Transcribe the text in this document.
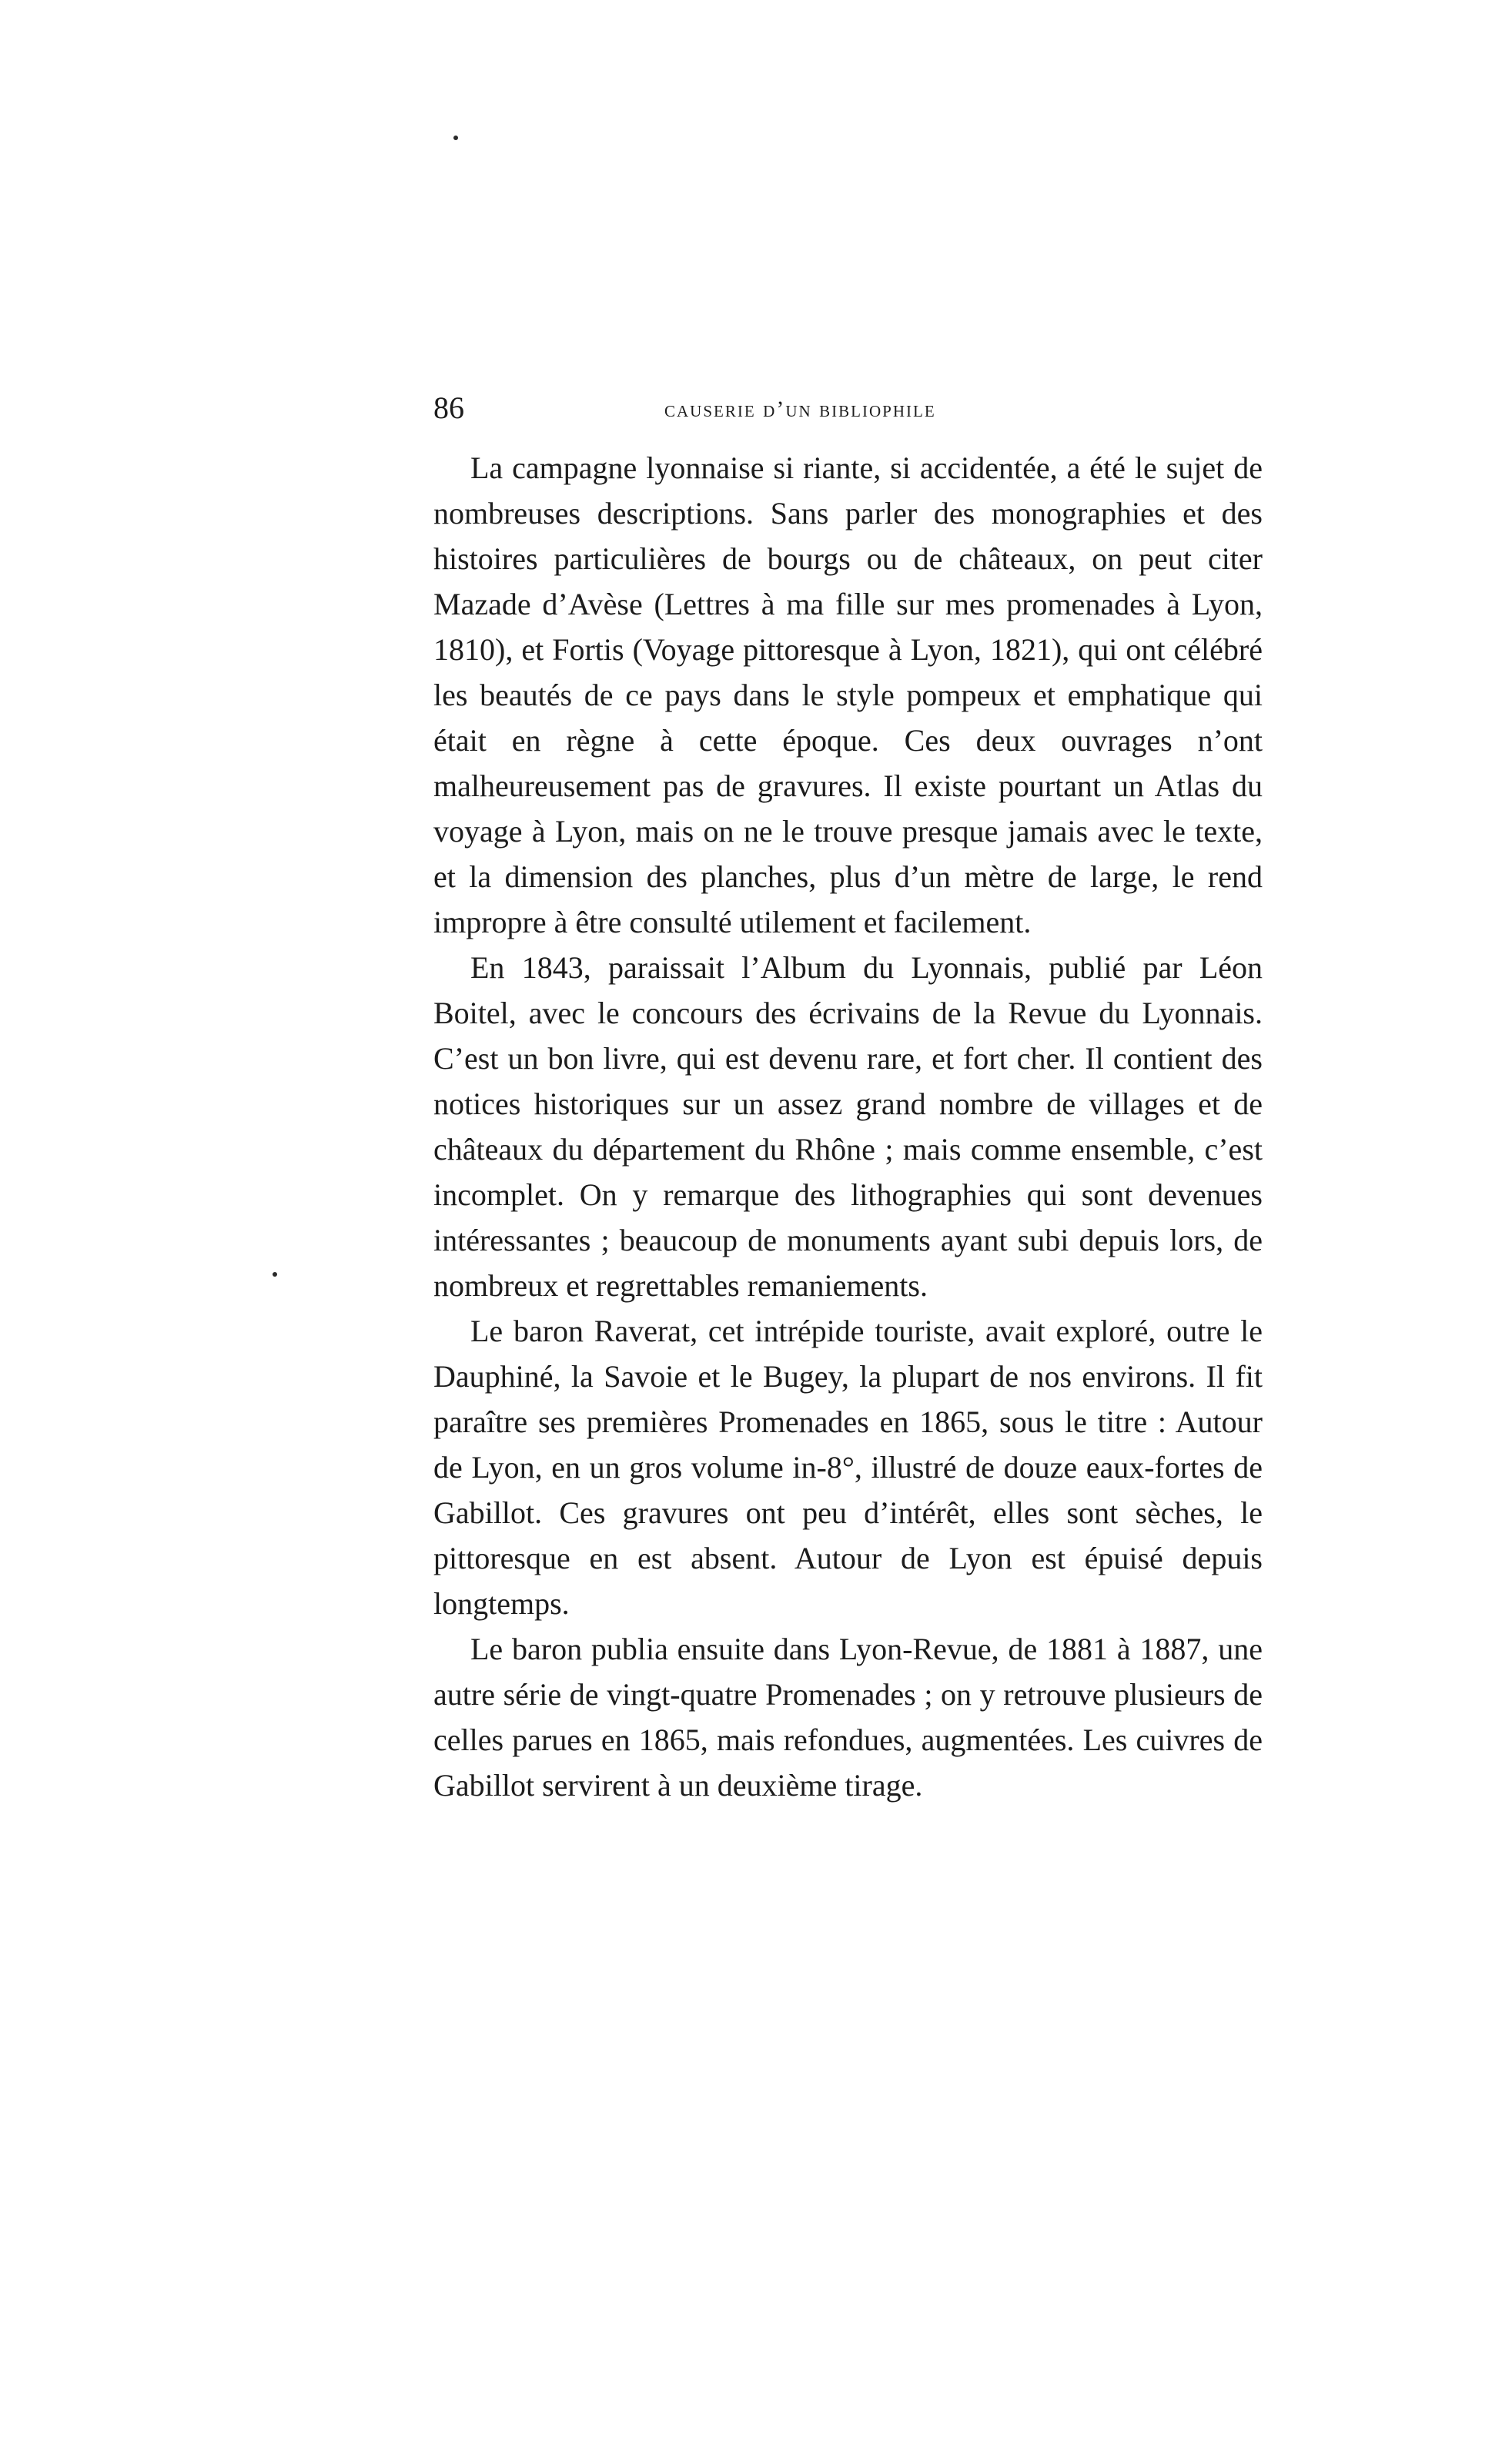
86	causerie d’un bibliophile

La campagne lyonnaise si riante, si accidentée, a été le sujet de nombreuses descriptions. Sans parler des monographies et des histoires particulières de bourgs ou de châteaux, on peut citer Mazade d’Avèse (Lettres à ma fille sur mes promenades à Lyon, 1810), et Fortis (Voyage pittoresque à Lyon, 1821), qui ont célébré les beautés de ce pays dans le style pompeux et emphatique qui était en règne à cette époque. Ces deux ouvrages n’ont malheureusement pas de gravures. Il existe pourtant un Atlas du voyage à Lyon, mais on ne le trouve presque jamais avec le texte, et la dimension des planches, plus d’un mètre de large, le rend impropre à être consulté utilement et facilement.

En 1843, paraissait l’Album du Lyonnais, publié par Léon Boitel, avec le concours des écrivains de la Revue du Lyonnais. C’est un bon livre, qui est devenu rare, et fort cher. Il contient des notices historiques sur un assez grand nombre de villages et de châteaux du département du Rhône ; mais comme ensemble, c’est incomplet. On y remarque des lithographies qui sont devenues intéressantes ; beaucoup de monuments ayant subi depuis lors, de nombreux et regrettables remaniements.

Le baron Raverat, cet intrépide touriste, avait exploré, outre le Dauphiné, la Savoie et le Bugey, la plupart de nos environs. Il fit paraître ses premières Promenades en 1865, sous le titre : Autour de Lyon, en un gros volume in-8°, illustré de douze eaux-fortes de Gabillot. Ces gravures ont peu d’intérêt, elles sont sèches, le pittoresque en est absent. Autour de Lyon est épuisé depuis longtemps.

Le baron publia ensuite dans Lyon-Revue, de 1881 à 1887, une autre série de vingt-quatre Promenades ; on y retrouve plusieurs de celles parues en 1865, mais refondues, augmentées. Les cuivres de Gabillot servirent à un deuxième tirage.
